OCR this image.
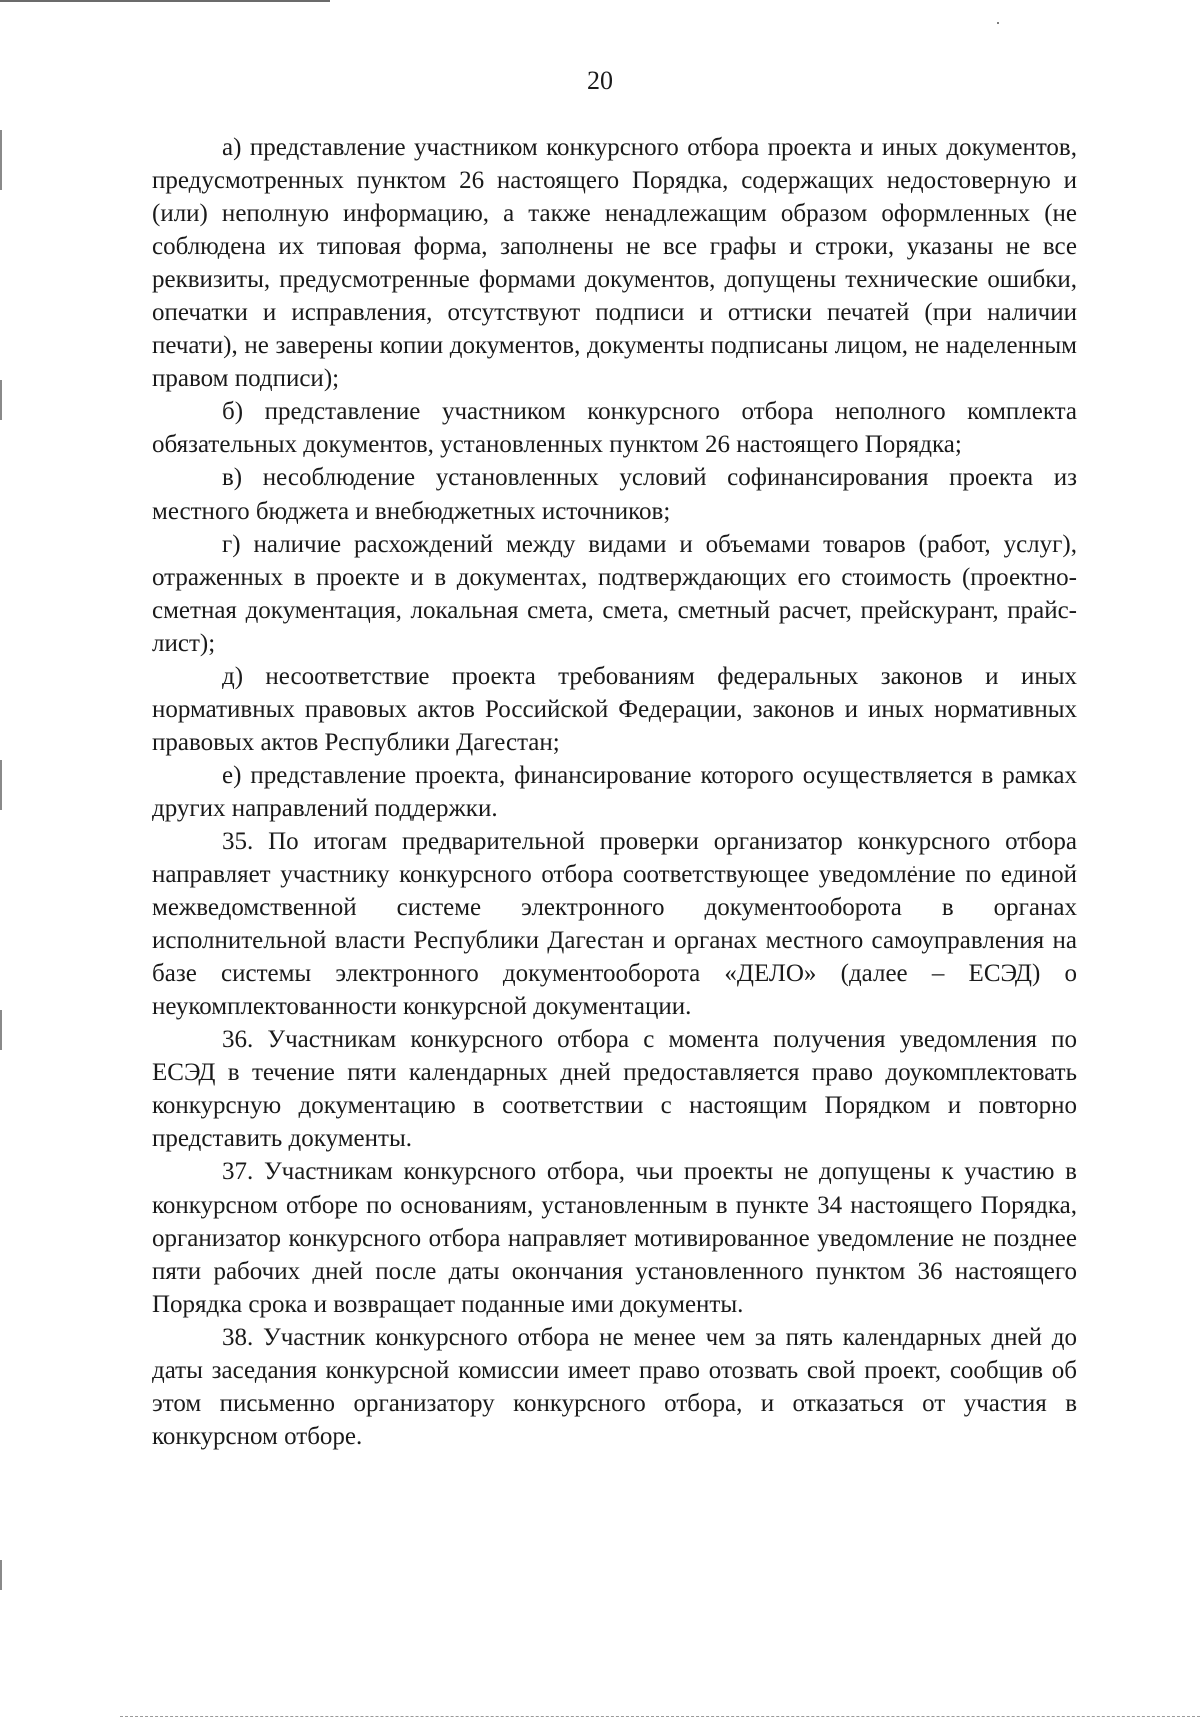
20

а) представление участником конкурсного отбора проекта и иных документов, предусмотренных пунктом 26 настоящего Порядка, содержащих недостоверную и (или) неполную информацию, а также ненадлежащим образом оформленных (не соблюдена их типовая форма, заполнены не все графы и строки, указаны не все реквизиты, предусмотренные формами документов, допущены технические ошибки, опечатки и исправления, отсутствуют подписи и оттиски печатей (при наличии печати), не заверены копии документов, документы подписаны лицом, не наделенным правом подписи);

б) представление участником конкурсного отбора неполного комплекта обязательных документов, установленных пунктом 26 настоящего Порядка;

в) несоблюдение установленных условий софинансирования проекта из местного бюджета и внебюджетных источников;

г) наличие расхождений между видами и объемами товаров (работ, услуг), отраженных в проекте и в документах, подтверждающих его стоимость (проектно-сметная документация, локальная смета, смета, сметный расчет, прейскурант, прайс-лист);

д) несоответствие проекта требованиям федеральных законов и иных нормативных правовых актов Российской Федерации, законов и иных нормативных правовых актов Республики Дагестан;

е) представление проекта, финансирование которого осуществляется в рамках других направлений поддержки.

35. По итогам предварительной проверки организатор конкурсного отбора направляет участнику конкурсного отбора соответствующее уведомление по единой межведомственной системе электронного документооборота в органах исполнительной власти Республики Дагестан и органах местного самоуправления на базе системы электронного документооборота «ДЕЛО» (далее – ЕСЭД) о неукомплектованности конкурсной документации.

36. Участникам конкурсного отбора с момента получения уведомления по ЕСЭД в течение пяти календарных дней предоставляется право доукомплектовать конкурсную документацию в соответствии с настоящим Порядком и повторно представить документы.

37. Участникам конкурсного отбора, чьи проекты не допущены к участию в конкурсном отборе по основаниям, установленным в пункте 34 настоящего Порядка, организатор конкурсного отбора направляет мотивированное уведомление не позднее пяти рабочих дней после даты окончания установленного пунктом 36 настоящего Порядка срока и возвращает поданные ими документы.

38. Участник конкурсного отбора не менее чем за пять календарных дней до даты заседания конкурсной комиссии имеет право отозвать свой проект, сообщив об этом письменно организатору конкурсного отбора, и отказаться от участия в конкурсном отборе.
